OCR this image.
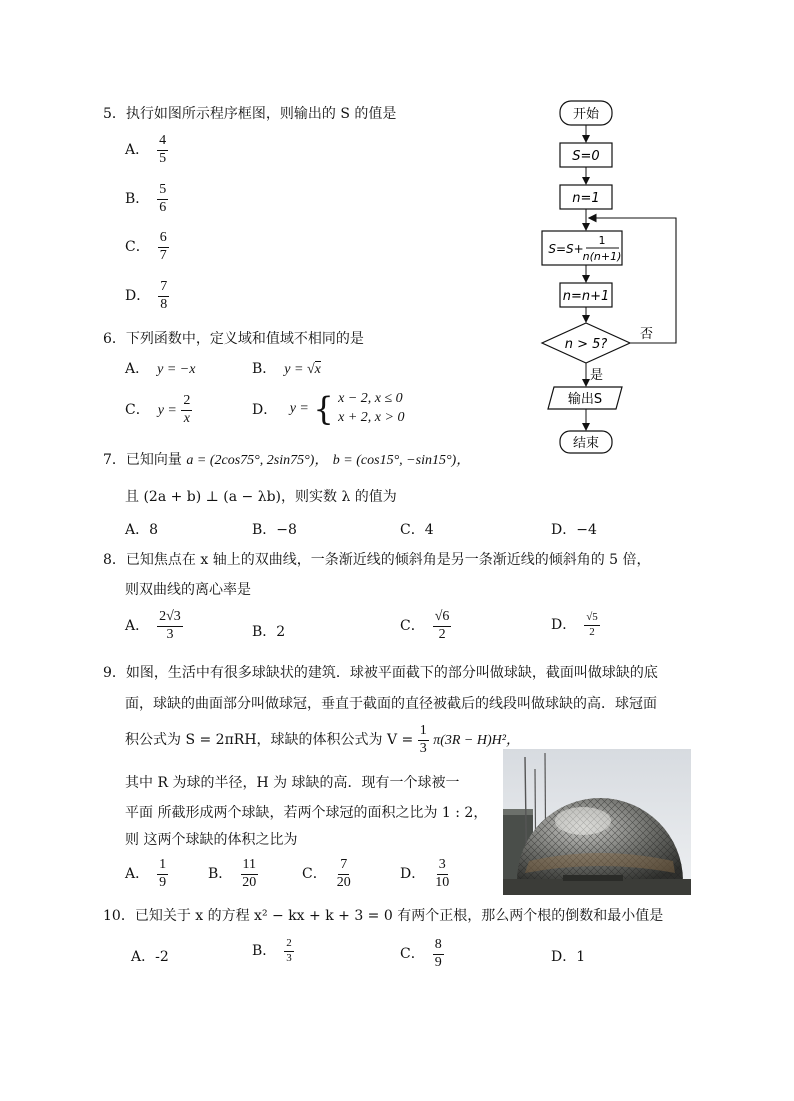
5．执行如图所示程序框图，则输出的 S 的值是
A． $\frac{4}{5}$
B． $\frac{5}{6}$
C． $\frac{6}{7}$
D． $\frac{7}{8}$
开始
S=0
n=1
S=S+
1
n(n+1)
n=n+1
n > 5?
否
是
输出S
结束
6．下列函数中，定义域和值域不相同的是
A． y = −x	B． y = √x
C． $y = \frac{2}{x}$	D． y = { x − 2, x ≤ 0
x + 2, x > 0
7．已知向量 a = (2cos75°, 2sin75°)， b = (cos15°, −sin15°)，
且 (2a + b) ⊥ (a − λb)，则实数 λ 的值为
A．8	B．−8	C．4	D．−4
8．已知焦点在 x 轴上的双曲线，一条渐近线的倾斜角是另一条渐近线的倾斜角的 5 倍，
则双曲线的离心率是
A． $\frac{2√3}{3}$	B．2	C． $\frac{√6}{2}$	D． $\frac{√5}{2}$
9．如图，生活中有很多球缺状的建筑．球被平面截下的部分叫做球缺，截面叫做球缺的底
面，球缺的曲面部分叫做球冠，垂直于截面的直径被截后的线段叫做球缺的高．球冠面
积公式为 S = 2πRH，球缺的体积公式为 $V = \frac{1}{3} \pi(3R - H)H^2$，
其中 R 为球的半径，H 为 球缺的高．现有一个球被一
平面 所截形成两个球缺，若两个球冠的面积之比为 1 : 2，
则 这两个球缺的体积之比为
A． $\frac{1}{9}$	B． $\frac{11}{20}$	C． $\frac{7}{20}$	D． $\frac{3}{10}$
10．已知关于 x 的方程 x² − kx + k + 3 = 0 有两个正根，那么两个根的倒数和最小值是
A．-2	B． $\frac{2}{3}$	C． $\frac{8}{9}$	D．1
